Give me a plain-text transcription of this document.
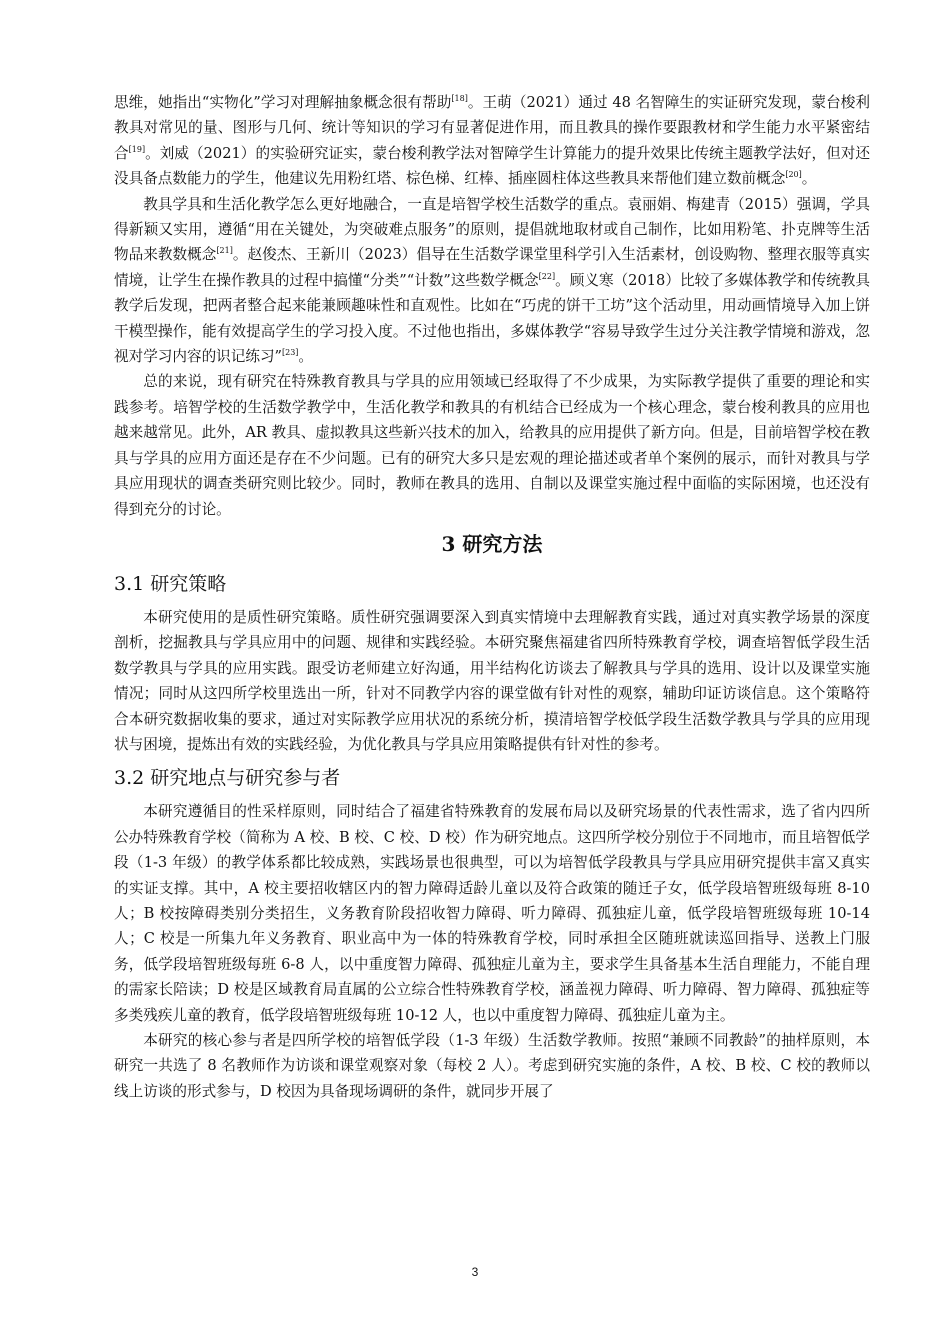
思维，她指出“实物化”学习对理解抽象概念很有帮助[18]。王萌（2021）通过 48 名智障生的实证研究发现，蒙台梭利教具对常见的量、图形与几何、统计等知识的学习有显著促进作用，而且教具的操作要跟教材和学生能力水平紧密结合[19]。刘威（2021）的实验研究证实，蒙台梭利教学法对智障学生计算能力的提升效果比传统主题教学法好，但对还没具备点数能力的学生，他建议先用粉红塔、棕色梯、红棒、插座圆柱体这些教具来帮他们建立数前概念[20]。

教具学具和生活化教学怎么更好地融合，一直是培智学校生活数学的重点。袁丽娟、梅建青（2015）强调，学具得新颖又实用，遵循“用在关键处，为突破难点服务”的原则，提倡就地取材或自己制作，比如用粉笔、扑克牌等生活物品来教数概念[21]。赵俊杰、王新川（2023）倡导在生活数学课堂里科学引入生活素材，创设购物、整理衣服等真实情境，让学生在操作教具的过程中搞懂“分类”“计数”这些数学概念[22]。顾义寒（2018）比较了多媒体教学和传统教具教学后发现，把两者整合起来能兼顾趣味性和直观性。比如在“巧虎的饼干工坊”这个活动里，用动画情境导入加上饼干模型操作，能有效提高学生的学习投入度。不过他也指出，多媒体教学“容易导致学生过分关注教学情境和游戏，忽视对学习内容的识记练习”[23]。

总的来说，现有研究在特殊教育教具与学具的应用领域已经取得了不少成果，为实际教学提供了重要的理论和实践参考。培智学校的生活数学教学中，生活化教学和教具的有机结合已经成为一个核心理念，蒙台梭利教具的应用也越来越常见。此外，AR 教具、虚拟教具这些新兴技术的加入，给教具的应用提供了新方向。但是，目前培智学校在教具与学具的应用方面还是存在不少问题。已有的研究大多只是宏观的理论描述或者单个案例的展示，而针对教具与学具应用现状的调查类研究则比较少。同时，教师在教具的选用、自制以及课堂实施过程中面临的实际困境，也还没有得到充分的讨论。

3 研究方法
3.1 研究策略

本研究使用的是质性研究策略。质性研究强调要深入到真实情境中去理解教育实践，通过对真实教学场景的深度剖析，挖掘教具与学具应用中的问题、规律和实践经验。本研究聚焦福建省四所特殊教育学校，调查培智低学段生活数学教具与学具的应用实践。跟受访老师建立好沟通，用半结构化访谈去了解教具与学具的选用、设计以及课堂实施情况；同时从这四所学校里选出一所，针对不同教学内容的课堂做有针对性的观察，辅助印证访谈信息。这个策略符合本研究数据收集的要求，通过对实际教学应用状况的系统分析，摸清培智学校低学段生活数学教具与学具的应用现状与困境，提炼出有效的实践经验，为优化教具与学具应用策略提供有针对性的参考。

3.2 研究地点与研究参与者

本研究遵循目的性采样原则，同时结合了福建省特殊教育的发展布局以及研究场景的代表性需求，选了省内四所公办特殊教育学校（简称为 A 校、B 校、C 校、D 校）作为研究地点。这四所学校分别位于不同地市，而且培智低学段（1-3 年级）的教学体系都比较成熟，实践场景也很典型，可以为培智低学段教具与学具应用研究提供丰富又真实的实证支撑。其中，A 校主要招收辖区内的智力障碍适龄儿童以及符合政策的随迁子女，低学段培智班级每班 8-10 人；B 校按障碍类别分类招生，义务教育阶段招收智力障碍、听力障碍、孤独症儿童，低学段培智班级每班 10-14 人；C 校是一所集九年义务教育、职业高中为一体的特殊教育学校，同时承担全区随班就读巡回指导、送教上门服务，低学段培智班级每班 6-8 人，以中重度智力障碍、孤独症儿童为主，要求学生具备基本生活自理能力，不能自理的需家长陪读；D 校是区域教育局直属的公立综合性特殊教育学校，涵盖视力障碍、听力障碍、智力障碍、孤独症等多类残疾儿童的教育，低学段培智班级每班 10-12 人，也以中重度智力障碍、孤独症儿童为主。

本研究的核心参与者是四所学校的培智低学段（1-3 年级）生活数学教师。按照“兼顾不同教龄”的抽样原则，本研究一共选了 8 名教师作为访谈和课堂观察对象（每校 2 人）。考虑到研究实施的条件，A 校、B 校、C 校的教师以线上访谈的形式参与，D 校因为具备现场调研的条件，就同步开展了

3
